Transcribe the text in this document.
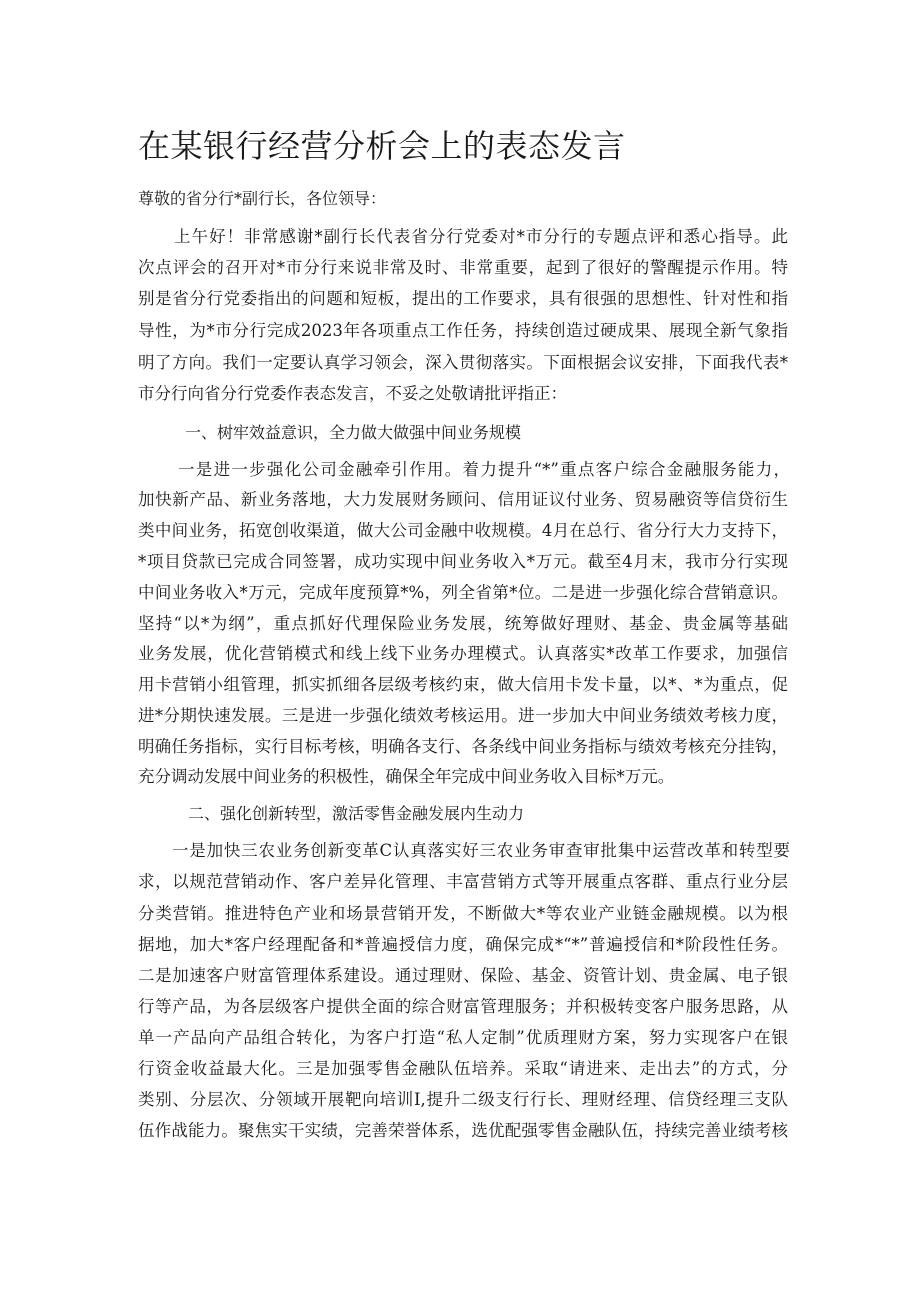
在某银行经营分析会上的表态发言

尊敬的省分行*副行长，各位领导：

上午好！非常感谢*副行长代表省分行党委对*市分行的专题点评和悉心指导。此

次点评会的召开对*市分行来说非常及时、非常重要，起到了很好的警醒提示作用。特

别是省分行党委指出的问题和短板，提出的工作要求，具有很强的思想性、针对性和指

导性，为*市分行完成2023年各项重点工作任务，持续创造过硬成果、展现全新气象指

明了方向。我们一定要认真学习领会，深入贯彻落实。下面根据会议安排，下面我代表*

市分行向省分行党委作表态发言，不妥之处敬请批评指正：

一、树牢效益意识，全力做大做强中间业务规模

一是进一步强化公司金融牵引作用。着力提升“*”重点客户综合金融服务能力，

加快新产品、新业务落地，大力发展财务顾问、信用证议付业务、贸易融资等信贷衍生

类中间业务，拓宽创收渠道，做大公司金融中收规模。4月在总行、省分行大力支持下，

*项目贷款已完成合同签署，成功实现中间业务收入*万元。截至4月末，我市分行实现

中间业务收入*万元，完成年度预算*%，列全省第*位。二是进一步强化综合营销意识。

坚持“以*为纲”，重点抓好代理保险业务发展，统筹做好理财、基金、贵金属等基础

业务发展，优化营销模式和线上线下业务办理模式。认真落实*改革工作要求，加强信

用卡营销小组管理，抓实抓细各层级考核约束，做大信用卡发卡量，以*、*为重点，促

进*分期快速发展。三是进一步强化绩效考核运用。进一步加大中间业务绩效考核力度，

明确任务指标，实行目标考核，明确各支行、各条线中间业务指标与绩效考核充分挂钩，

充分调动发展中间业务的积极性，确保全年完成中间业务收入目标*万元。

二、强化创新转型，激活零售金融发展内生动力

一是加快三农业务创新变革C认真落实好三农业务审查审批集中运营改革和转型要

求，以规范营销动作、客户差异化管理、丰富营销方式等开展重点客群、重点行业分层

分类营销。推进特色产业和场景营销开发，不断做大*等农业产业链金融规模。以为根

据地，加大*客户经理配备和*普遍授信力度，确保完成*“*”普遍授信和*阶段性任务。

二是加速客户财富管理体系建设。通过理财、保险、基金、资管计划、贵金属、电子银

行等产品，为各层级客户提供全面的综合财富管理服务；并积极转变客户服务思路，从

单一产品向产品组合转化，为客户打造“私人定制”优质理财方案，努力实现客户在银

行资金收益最大化。三是加强零售金融队伍培养。采取“请进来、走出去”的方式，分

类别、分层次、分领域开展靶向培训I,提升二级支行行长、理财经理、信贷经理三支队

伍作战能力。聚焦实干实绩，完善荣誉体系，选优配强零售金融队伍，持续完善业绩考核
